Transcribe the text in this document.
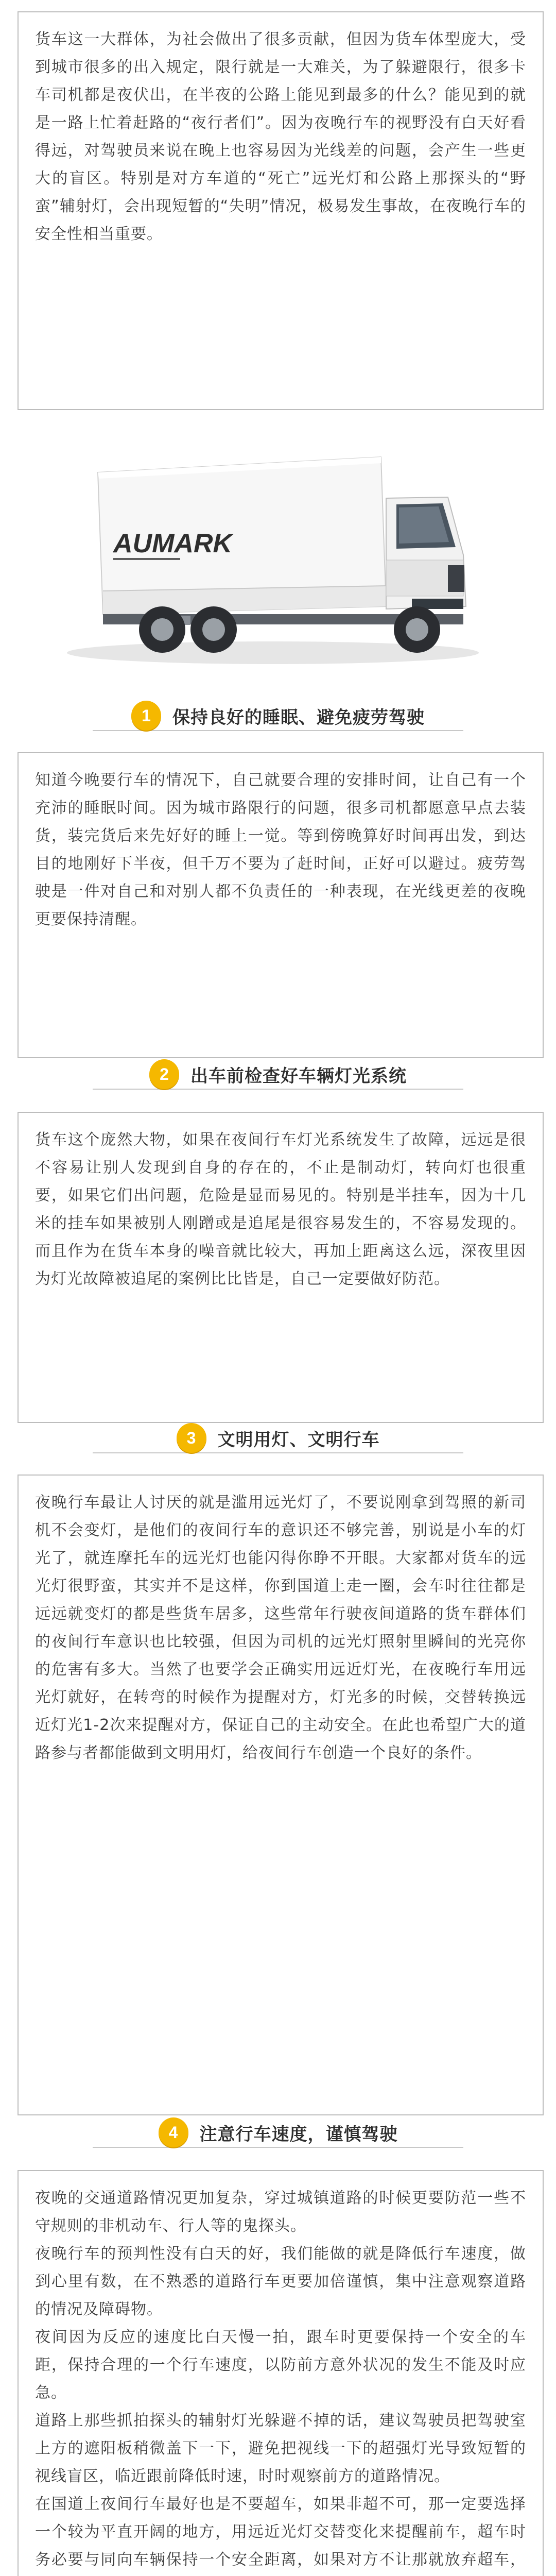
货车这一大群体，为社会做出了很多贡献，但因为货车体型庞大，受到城市很多的出入规定，限行就是一大难关，为了躲避限行，很多卡车司机都是夜伏出，在半夜的公路上能见到最多的什么？能见到的就是一路上忙着赶路的“夜行者们”。因为夜晚行车的视野没有白天好看得远，对驾驶员来说在晚上也容易因为光线差的问题，会产生一些更大的盲区。特别是对方车道的“死亡”远光灯和公路上那探头的“野蛮”辅射灯，会出现短暂的“失明”情况，极易发生事故，在夜晚行车的安全性相当重要。

AUMARK
1	保持良好的睡眠、避免疲劳驾驶

知道今晚要行车的情况下，自己就要合理的安排时间，让自己有一个充沛的睡眠时间。因为城市路限行的问题，很多司机都愿意早点去装货，装完货后来先好好的睡上一觉。等到傍晚算好时间再出发，到达目的地刚好下半夜，但千万不要为了赶时间，正好可以避过。疲劳驾驶是一件对自己和对别人都不负责任的一种表现，在光线更差的夜晚更要保持清醒。

2	出车前检查好车辆灯光系统

货车这个庞然大物，如果在夜间行车灯光系统发生了故障，远远是很不容易让别人发现到自身的存在的，不止是制动灯，转向灯也很重要，如果它们出问题，危险是显而易见的。特别是半挂车，因为十几米的挂车如果被别人刚蹭或是追尾是很容易发生的，不容易发现的。而且作为在货车本身的噪音就比较大，再加上距离这么远，深夜里因为灯光故障被追尾的案例比比皆是，自己一定要做好防范。

3	文明用灯、文明行车

夜晚行车最让人讨厌的就是滥用远光灯了，不要说刚拿到驾照的新司机不会变灯，是他们的夜间行车的意识还不够完善，别说是小车的灯光了，就连摩托车的远光灯也能闪得你睁不开眼。大家都对货车的远光灯很野蛮，其实并不是这样，你到国道上走一圈，会车时往往都是远远就变灯的都是些货车居多，这些常年行驶夜间道路的货车群体们的夜间行车意识也比较强，但因为司机的远光灯照射里瞬间的光亮你的危害有多大。当然了也要学会正确实用远近灯光，在夜晚行车用远光灯就好，在转弯的时候作为提醒对方，灯光多的时候，交替转换远近灯光1-2次来提醒对方，保证自己的主动安全。在此也希望广大的道路参与者都能做到文明用灯，给夜间行车创造一个良好的条件。

4	注意行车速度，谨慎驾驶

夜晚的交通道路情况更加复杂，穿过城镇道路的时候更要防范一些不守规则的非机动车、行人等的鬼探头。
夜晚行车的预判性没有白天的好，我们能做的就是降低行车速度，做到心里有数，在不熟悉的道路行车更要加倍谨慎，集中注意观察道路的情况及障碍物。
夜间因为反应的速度比白天慢一拍，跟车时更要保持一个安全的车距，保持合理的一个行车速度，以防前方意外状况的发生不能及时应急。
道路上那些抓拍探头的辅射灯光躲避不掉的话，建议驾驶员把驾驶室上方的遮阳板稍微盖下一下，避免把视线一下的超强灯光导致短暂的视线盲区，临近跟前降低时速，时时观察前方的道路情况。
在国道上夜间行车最好也是不要超车，如果非超不可，那一定要选择一个较为平直开阔的地方，用远近光灯交替变化来提醒前车，超车时务必要与同向车辆保持一个安全距离，如果对方不让那就放弃超车，
